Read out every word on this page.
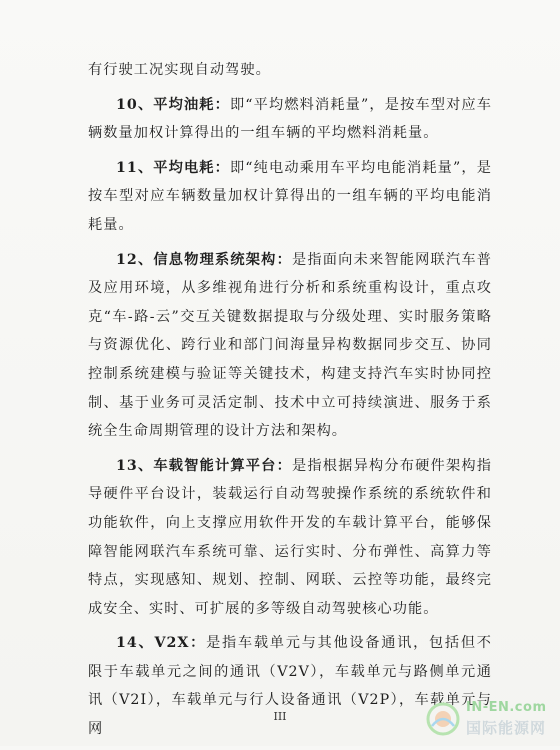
有行驶工况实现自动驾驶。

10、平均油耗：即“平均燃料消耗量”，是按车型对应车辆数量加权计算得出的一组车辆的平均燃料消耗量。

11、平均电耗：即“纯电动乘用车平均电能消耗量”，是按车型对应车辆数量加权计算得出的一组车辆的平均电能消耗量。

12、信息物理系统架构：是指面向未来智能网联汽车普及应用环境，从多维视角进行分析和系统重构设计，重点攻克“车-路-云”交互关键数据提取与分级处理、实时服务策略与资源优化、跨行业和部门间海量异构数据同步交互、协同控制系统建模与验证等关键技术，构建支持汽车实时协同控制、基于业务可灵活定制、技术中立可持续演进、服务于系统全生命周期管理的设计方法和架构。

13、车载智能计算平台：是指根据异构分布硬件架构指导硬件平台设计，装载运行自动驾驶操作系统的系统软件和功能软件，向上支撑应用软件开发的车载计算平台，能够保障智能网联汽车系统可靠、运行实时、分布弹性、高算力等特点，实现感知、规划、控制、网联、云控等功能，最终完成安全、实时、可扩展的多等级自动驾驶核心功能。

14、V2X：是指车载单元与其他设备通讯，包括但不限于车载单元之间的通讯（V2V），车载单元与路侧单元通讯（V2I），车载单元与行人设备通讯（V2P），车载单元与网

III
IN-EN.com
国际能源网
